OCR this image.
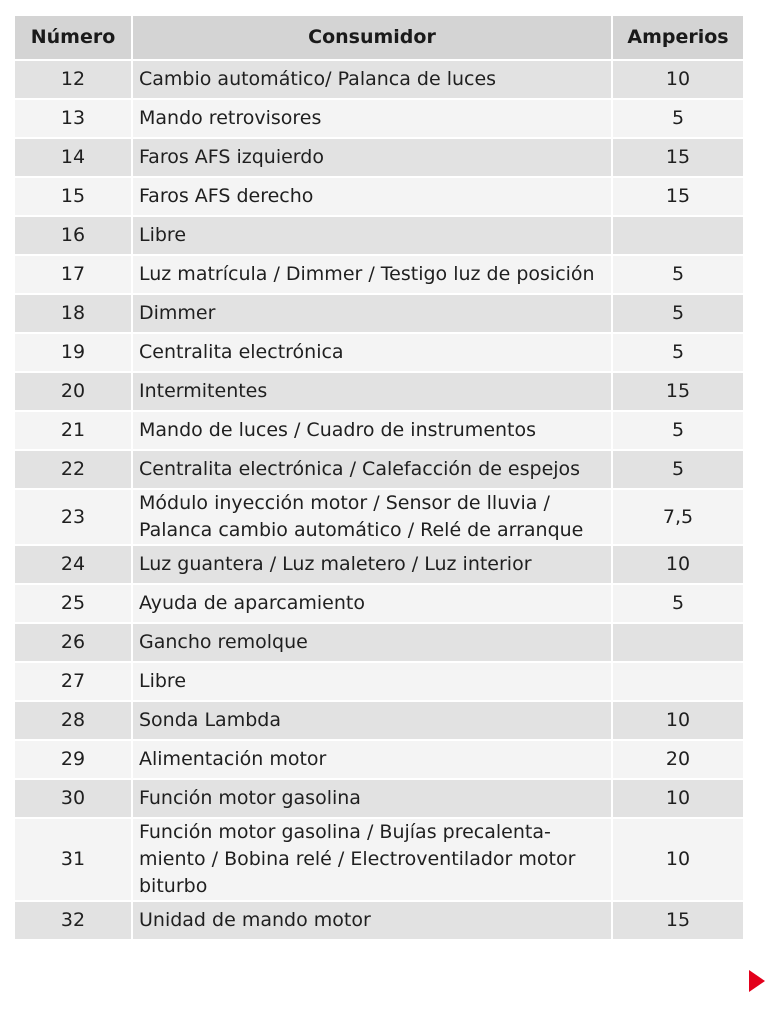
Número	Consumidor	Amperios
12	Cambio automático/ Palanca de luces	10
13	Mando retrovisores	5
14	Faros AFS izquierdo	15
15	Faros AFS derecho	15
16	Libre	
17	Luz matrícula / Dimmer / Testigo luz de posición	5
18	Dimmer	5
19	Centralita electrónica	5
20	Intermitentes	15
21	Mando de luces / Cuadro de instrumentos	5
22	Centralita electrónica / Calefacción de espejos	5
23	Módulo inyección motor / Sensor de lluvia / Palanca cambio automático / Relé de arranque	7,5
24	Luz guantera / Luz maletero / Luz interior	10
25	Ayuda de aparcamiento	5
26	Gancho remolque	
27	Libre	
28	Sonda Lambda	10
29	Alimentación motor	20
30	Función motor gasolina	10
31	Función motor gasolina / Bujías precalenta-miento / Bobina relé / Electroventilador motor biturbo	10
32	Unidad de mando motor	15
